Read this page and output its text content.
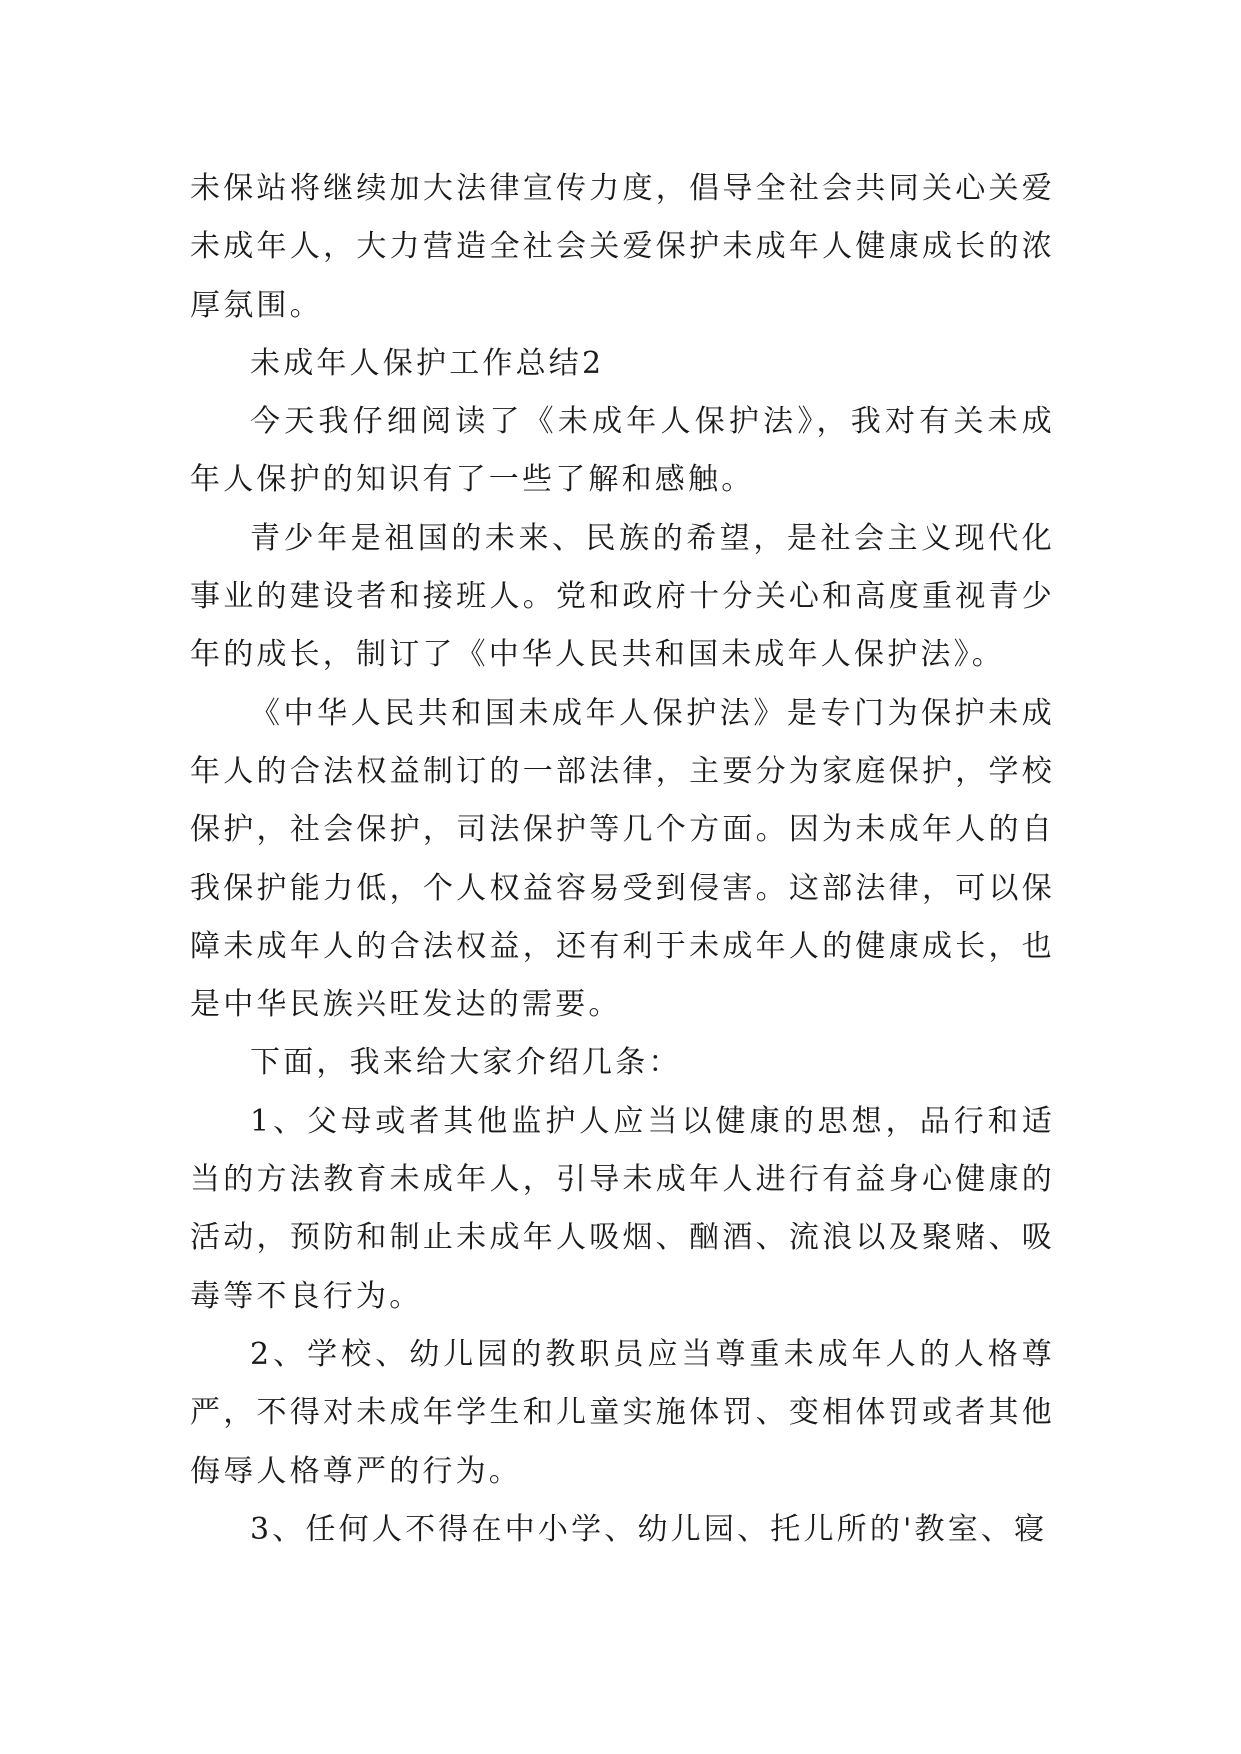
未保站将继续加大法律宣传力度，倡导全社会共同关心关爱未成年人，大力营造全社会关爱保护未成年人健康成长的浓厚氛围。

未成年人保护工作总结2

今天我仔细阅读了《未成年人保护法》，我对有关未成年人保护的知识有了一些了解和感触。

青少年是祖国的未来、民族的希望，是社会主义现代化事业的建设者和接班人。党和政府十分关心和高度重视青少年的成长，制订了《中华人民共和国未成年人保护法》。

《中华人民共和国未成年人保护法》是专门为保护未成年人的合法权益制订的一部法律，主要分为家庭保护，学校保护，社会保护，司法保护等几个方面。因为未成年人的自我保护能力低，个人权益容易受到侵害。这部法律，可以保障未成年人的合法权益，还有利于未成年人的健康成长，也是中华民族兴旺发达的需要。

下面，我来给大家介绍几条：

1、父母或者其他监护人应当以健康的思想，品行和适当的方法教育未成年人，引导未成年人进行有益身心健康的活动，预防和制止未成年人吸烟、酗酒、流浪以及聚赌、吸毒等不良行为。

2、学校、幼儿园的教职员应当尊重未成年人的人格尊严，不得对未成年学生和儿童实施体罚、变相体罚或者其他侮辱人格尊严的行为。

3、任何人不得在中小学、幼儿园、托儿所的'教室、寝
